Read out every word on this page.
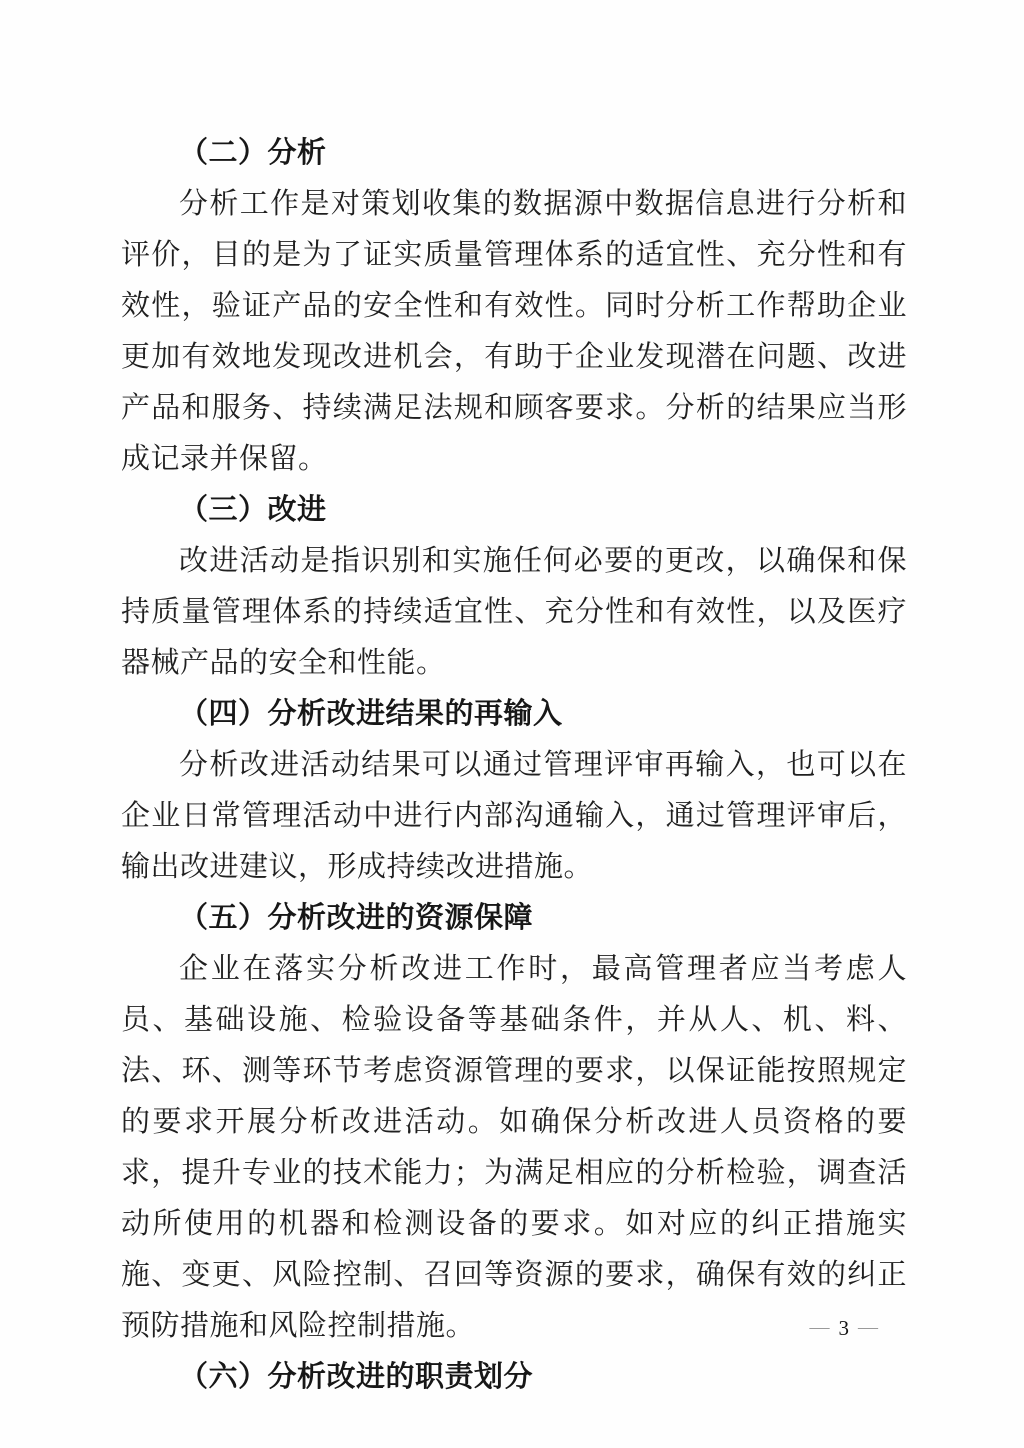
（二）分析

分析工作是对策划收集的数据源中数据信息进行分析和评价，目的是为了证实质量管理体系的适宜性、充分性和有效性，验证产品的安全性和有效性。同时分析工作帮助企业更加有效地发现改进机会，有助于企业发现潜在问题、改进产品和服务、持续满足法规和顾客要求。分析的结果应当形成记录并保留。

（三）改进

改进活动是指识别和实施任何必要的更改，以确保和保持质量管理体系的持续适宜性、充分性和有效性，以及医疗器械产品的安全和性能。

（四）分析改进结果的再输入

分析改进活动结果可以通过管理评审再输入，也可以在企业日常管理活动中进行内部沟通输入，通过管理评审后，输出改进建议，形成持续改进措施。

（五）分析改进的资源保障

企业在落实分析改进工作时，最高管理者应当考虑人员、基础设施、检验设备等基础条件，并从人、机、料、法、环、测等环节考虑资源管理的要求，以保证能按照规定的要求开展分析改进活动。如确保分析改进人员资格的要求，提升专业的技术能力；为满足相应的分析检验，调查活动所使用的机器和检测设备的要求。如对应的纠正措施实施、变更、风险控制、召回等资源的要求，确保有效的纠正预防措施和风险控制措施。

（六）分析改进的职责划分
— 3 —
